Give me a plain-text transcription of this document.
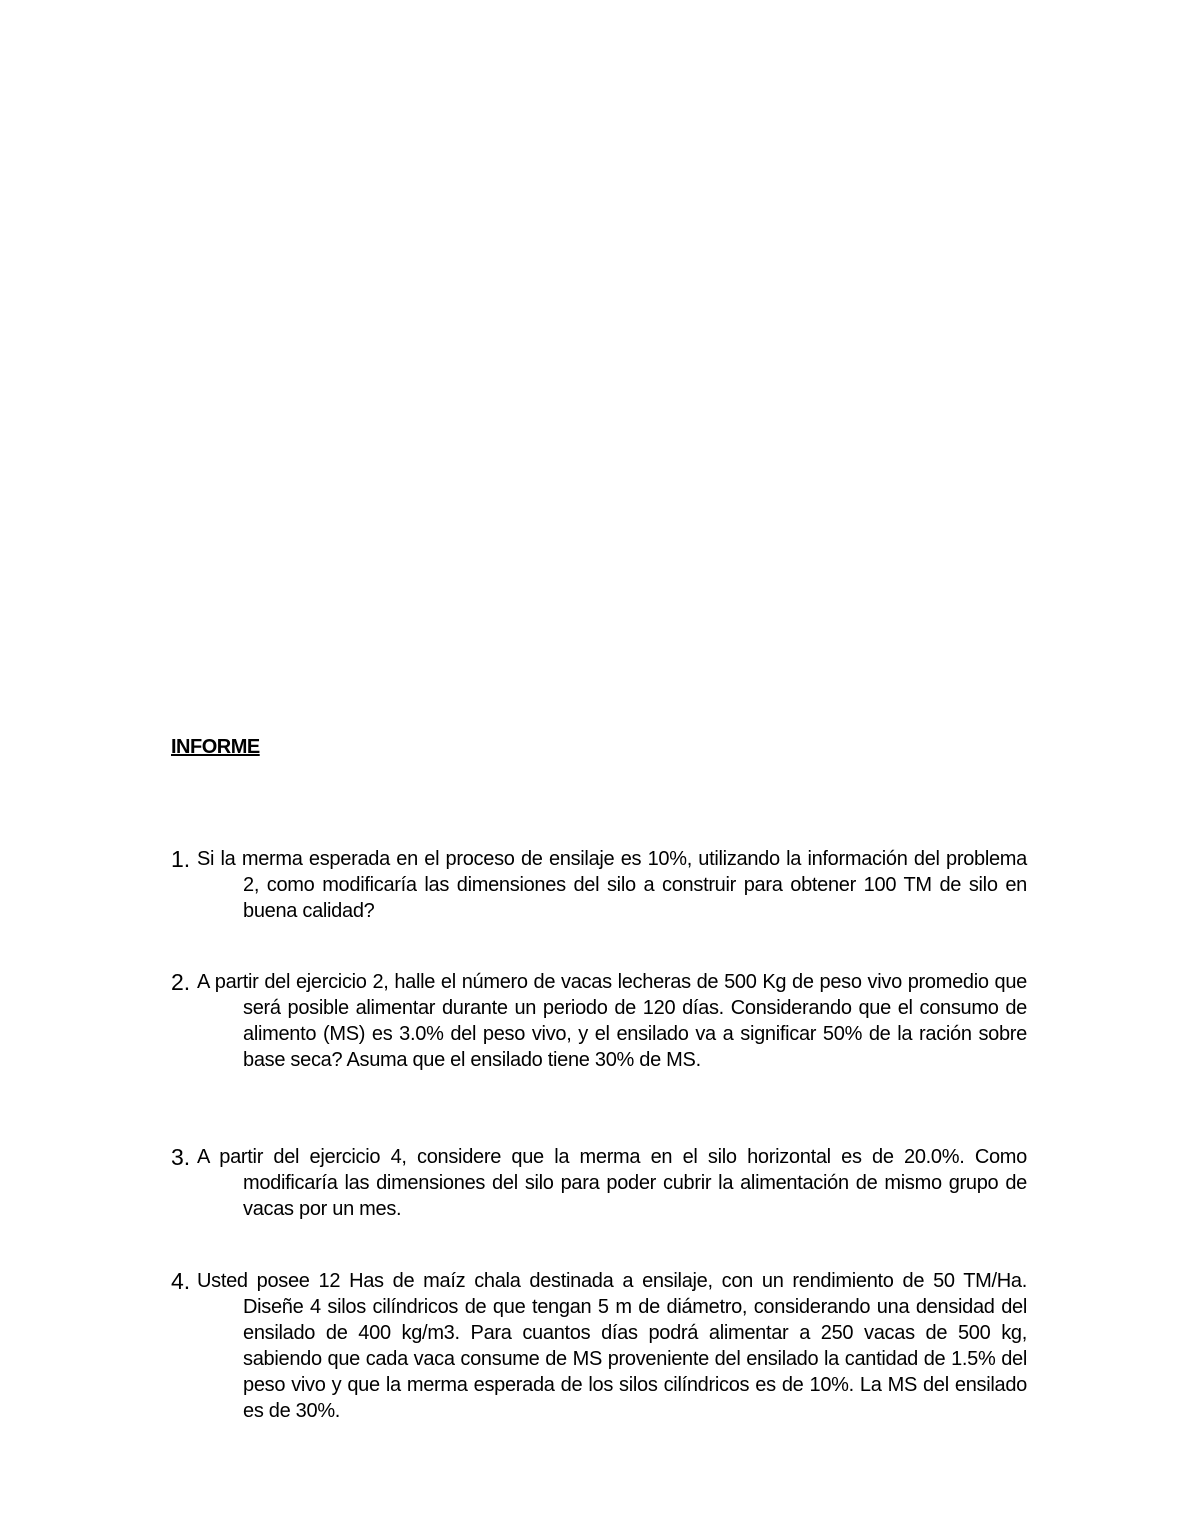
INFORME
1. Si la merma esperada en el proceso de ensilaje es 10%, utilizando la información del problema 2, como modificaría las dimensiones del silo a construir para obtener 100 TM de silo en buena calidad?
2. A partir del ejercicio 2, halle el número de vacas lecheras de 500 Kg de peso vivo promedio que será posible alimentar durante un periodo de 120 días. Considerando que el consumo de alimento (MS) es 3.0% del peso vivo, y el ensilado va a significar 50% de la ración sobre base seca? Asuma que el ensilado tiene 30% de MS.
3. A partir del ejercicio 4, considere que la merma en el silo horizontal es de 20.0%. Como modificaría las dimensiones del silo para poder cubrir la alimentación de mismo grupo de vacas por un mes.
4. Usted posee 12 Has de maíz chala destinada a ensilaje, con un rendimiento de 50 TM/Ha. Diseñe 4 silos cilíndricos de que tengan 5 m de diámetro, considerando una densidad del ensilado de 400 kg/m3. Para cuantos días podrá alimentar a 250 vacas de 500 kg, sabiendo que cada vaca consume de MS proveniente del ensilado la cantidad de 1.5% del peso vivo y que la merma esperada de los silos cilíndricos es de 10%. La MS del ensilado es de 30%.
